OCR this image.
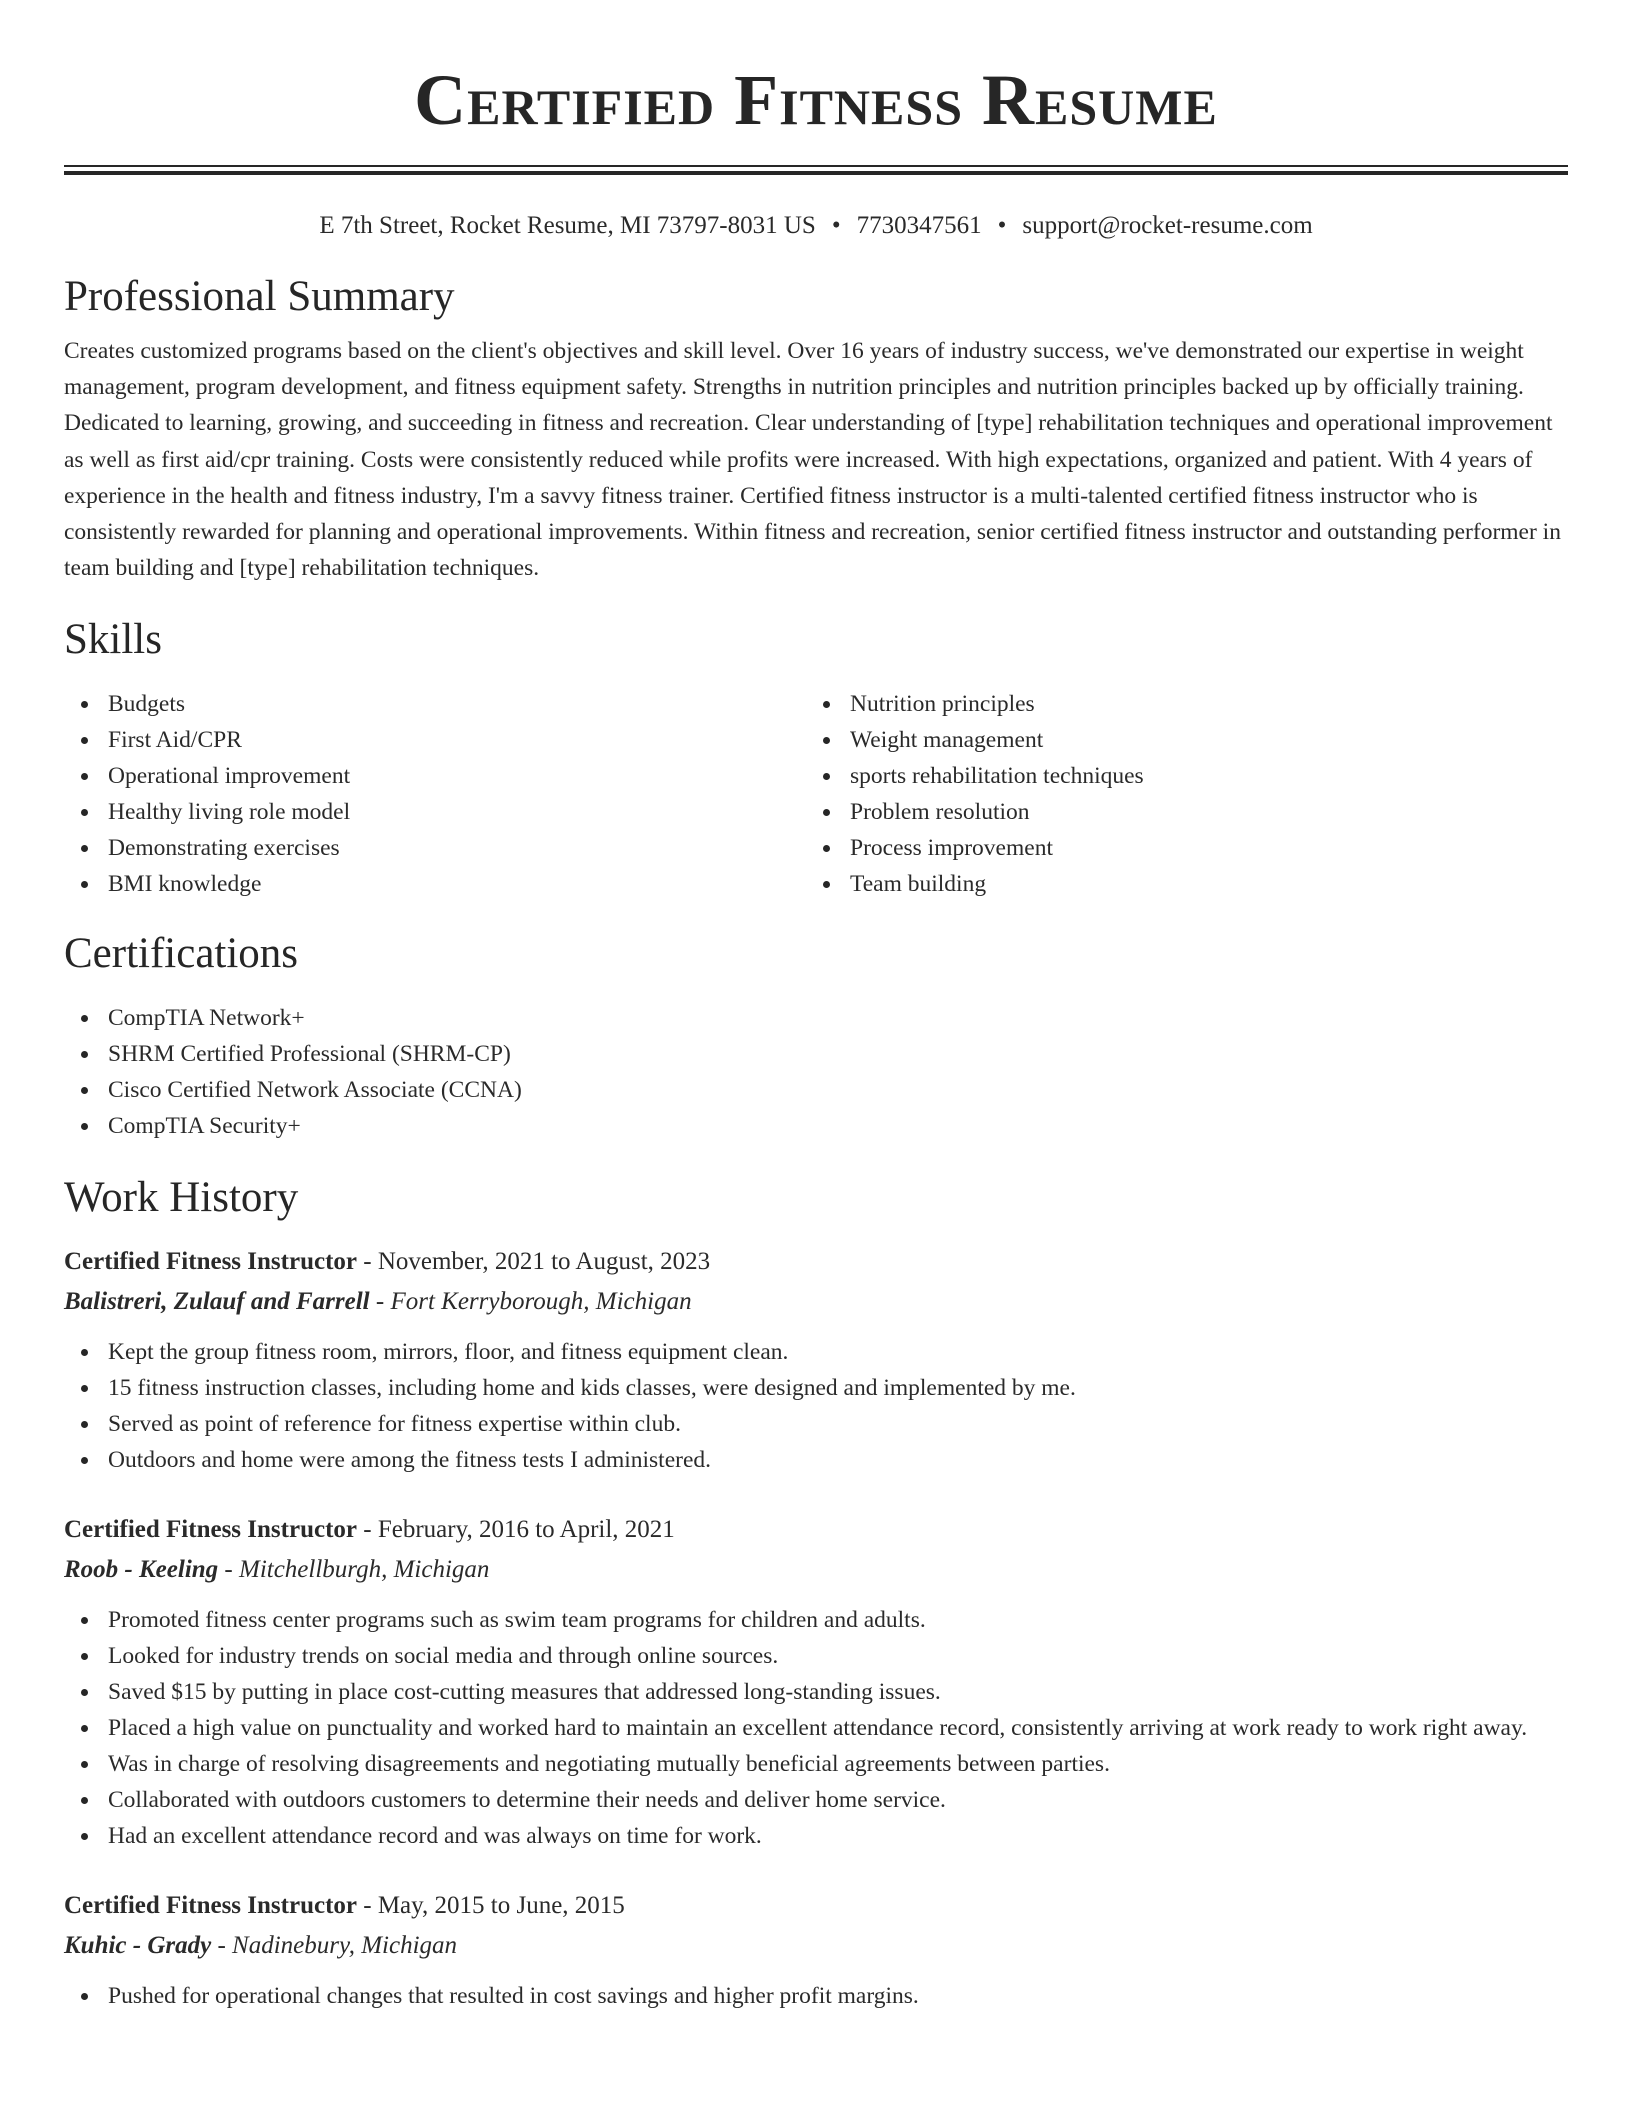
Certified Fitness Resume
E 7th Street, Rocket Resume, MI 73797-8031 US • 7730347561 • support@rocket-resume.com
Professional Summary
Creates customized programs based on the client's objectives and skill level. Over 16 years of industry success, we've demonstrated our expertise in weight management, program development, and fitness equipment safety. Strengths in nutrition principles and nutrition principles backed up by officially training. Dedicated to learning, growing, and succeeding in fitness and recreation. Clear understanding of [type] rehabilitation techniques and operational improvement as well as first aid/cpr training. Costs were consistently reduced while profits were increased. With high expectations, organized and patient. With 4 years of experience in the health and fitness industry, I'm a savvy fitness trainer. Certified fitness instructor is a multi-talented certified fitness instructor who is consistently rewarded for planning and operational improvements. Within fitness and recreation, senior certified fitness instructor and outstanding performer in team building and [type] rehabilitation techniques.
Skills
Budgets
First Aid/CPR
Operational improvement
Healthy living role model
Demonstrating exercises
BMI knowledge
Nutrition principles
Weight management
sports rehabilitation techniques
Problem resolution
Process improvement
Team building
Certifications
CompTIA Network+
SHRM Certified Professional (SHRM-CP)
Cisco Certified Network Associate (CCNA)
CompTIA Security+
Work History
Certified Fitness Instructor - November, 2021 to August, 2023
Balistreri, Zulauf and Farrell - Fort Kerryborough, Michigan
Kept the group fitness room, mirrors, floor, and fitness equipment clean.
15 fitness instruction classes, including home and kids classes, were designed and implemented by me.
Served as point of reference for fitness expertise within club.
Outdoors and home were among the fitness tests I administered.
Certified Fitness Instructor - February, 2016 to April, 2021
Roob - Keeling - Mitchellburgh, Michigan
Promoted fitness center programs such as swim team programs for children and adults.
Looked for industry trends on social media and through online sources.
Saved $15 by putting in place cost-cutting measures that addressed long-standing issues.
Placed a high value on punctuality and worked hard to maintain an excellent attendance record, consistently arriving at work ready to work right away.
Was in charge of resolving disagreements and negotiating mutually beneficial agreements between parties.
Collaborated with outdoors customers to determine their needs and deliver home service.
Had an excellent attendance record and was always on time for work.
Certified Fitness Instructor - May, 2015 to June, 2015
Kuhic - Grady - Nadinebury, Michigan
Pushed for operational changes that resulted in cost savings and higher profit margins.
